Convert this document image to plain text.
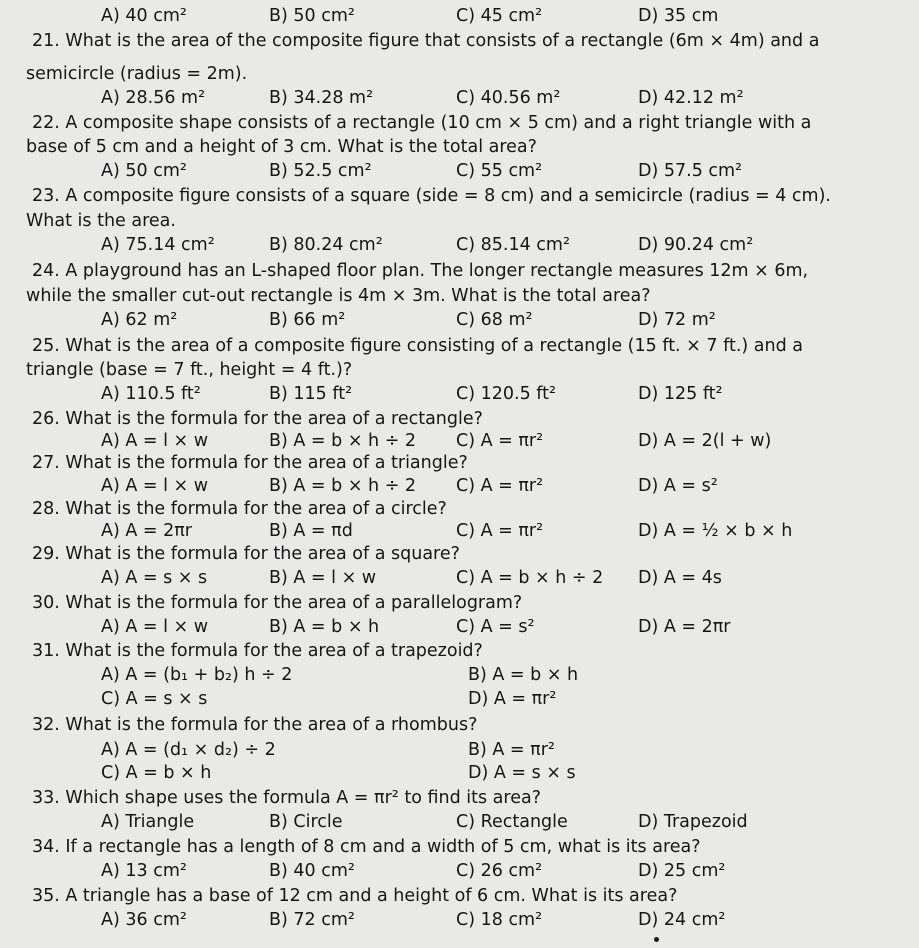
A) 40 cm²	B) 50 cm²	C) 45 cm²	D) 35 cm
21. What is the area of the composite figure that consists of a rectangle (6m × 4m) and a
semicircle (radius = 2m).
A) 28.56 m²	B) 34.28 m²	C) 40.56 m²	D) 42.12 m²
22. A composite shape consists of a rectangle (10 cm × 5 cm) and a right triangle with a
base of 5 cm and a height of 3 cm. What is the total area?
A) 50 cm²	B) 52.5 cm²	C) 55 cm²	D) 57.5 cm²
23. A composite figure consists of a square (side = 8 cm) and a semicircle (radius = 4 cm).
What is the area.
A) 75.14 cm²	B) 80.24 cm²	C) 85.14 cm²	D) 90.24 cm²
24. A playground has an L-shaped floor plan. The longer rectangle measures 12m × 6m,
while the smaller cut-out rectangle is 4m × 3m. What is the total area?
A) 62 m²	B) 66 m²	C) 68 m²	D) 72 m²
25. What is the area of a composite figure consisting of a rectangle (15 ft. × 7 ft.) and a
triangle (base = 7 ft., height = 4 ft.)?
A) 110.5 ft²	B) 115 ft²	C) 120.5 ft²	D) 125 ft²
26. What is the formula for the area of a rectangle?
A) A = l × w	B) A = b × h ÷ 2 C) A = πr²	D) A = 2(l + w)
27. What is the formula for the area of a triangle?
A) A = l × w	B) A = b × h ÷ 2 C) A = πr²	D) A = s²
28. What is the formula for the area of a circle?
A) A = 2πr	B) A = πd	C) A = πr²	D) A = ½ × b × h
29. What is the formula for the area of a square?
A) A = s × s	B) A = l × w	C) A = b × h ÷ 2 D) A = 4s
30. What is the formula for the area of a parallelogram?
A) A = l × w	B) A = b × h	C) A = s²	D) A = 2πr
31. What is the formula for the area of a trapezoid?
A) A = (b₁ + b₂) h ÷ 2	B) A = b × h
C) A = s × s	D) A = πr²
32. What is the formula for the area of a rhombus?
A) A = (d₁ × d₂) ÷ 2	B) A = πr²
C) A = b × h	D) A = s × s
33. Which shape uses the formula A = πr² to find its area?
A) Triangle	B) Circle	C) Rectangle	D) Trapezoid
34. If a rectangle has a length of 8 cm and a width of 5 cm, what is its area?
A) 13 cm²	B) 40 cm²	C) 26 cm²	D) 25 cm²
35. A triangle has a base of 12 cm and a height of 6 cm. What is its area?
A) 36 cm²	B) 72 cm²	C) 18 cm²	D) 24 cm²
